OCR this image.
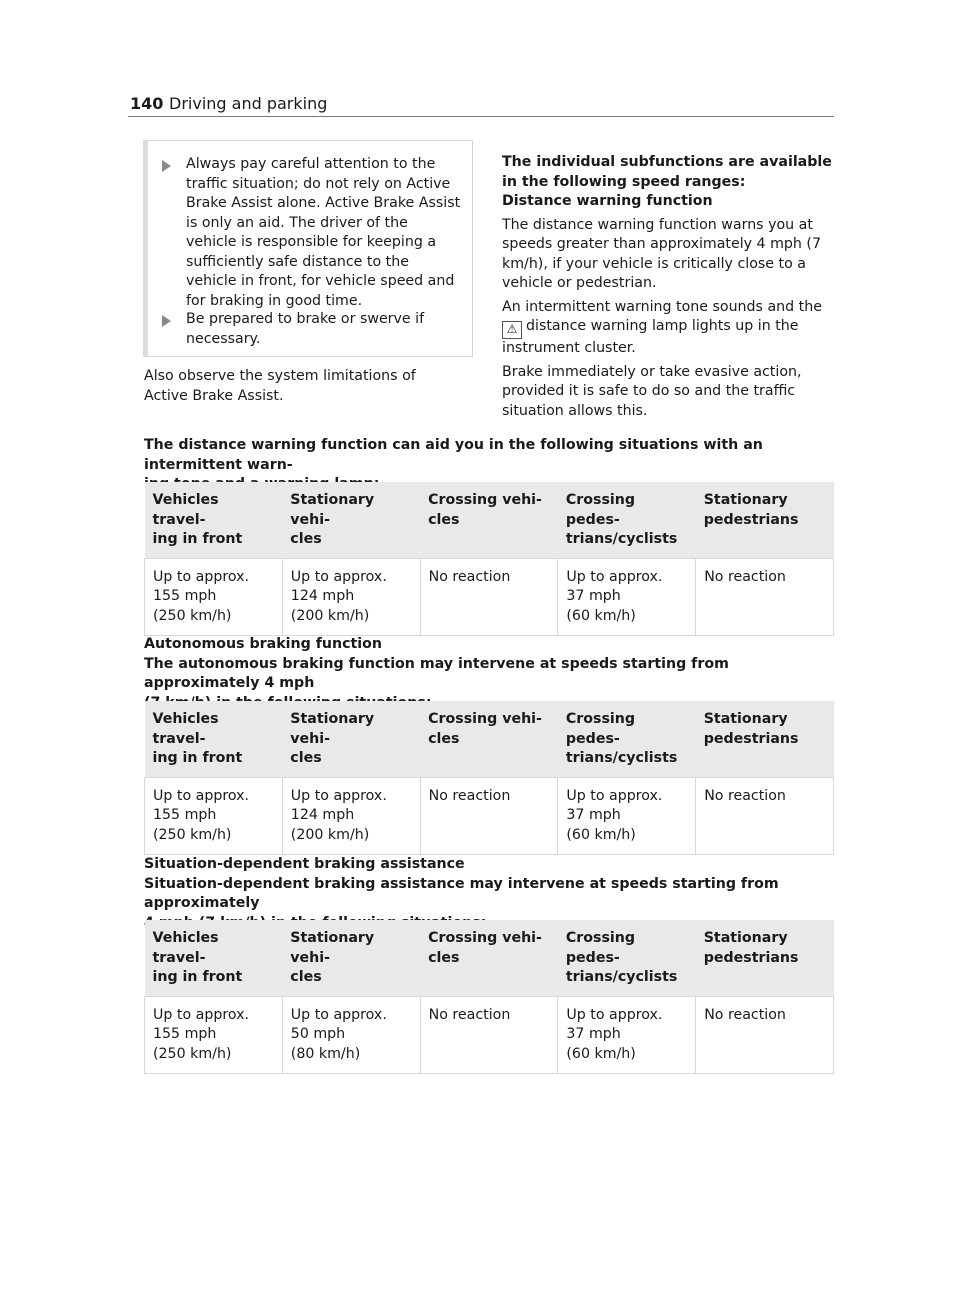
140 Driving and parking
Always pay careful attention to the traffic situation; do not rely on Active Brake Assist alone. Active Brake Assist is only an aid. The driver of the vehicle is responsible for keeping a sufficiently safe distance to the vehicle in front, for vehicle speed and for braking in good time.
Be prepared to brake or swerve if necessary.
Also observe the system limitations of Active Brake Assist.

The individual subfunctions are available in the following speed ranges:

Distance warning function

The distance warning function warns you at speeds greater than approximately 4 mph (7 km/h), if your vehicle is critically close to a vehicle or pedestrian.

An intermittent warning tone sounds and the
⚠ distance warning lamp lights up in the instrument cluster.

Brake immediately or take evasive action, provided it is safe to do so and the traffic situation allows this.

The distance warning function can aid you in the following situations with an intermittent warn-
Vehicles travel-
ing in front	Stationary vehi-
cles	Crossing vehi-
cles	Crossing pedes-
trians/cyclists	Stationary
pedestrians
Up to approx.
155 mph
(250 km/h)	Up to approx.
124 mph
(200 km/h)	No reaction	Up to approx.
37 mph
(60 km/h)	No reaction
Autonomous braking function
The autonomous braking function may intervene at speeds starting from approximately 4 mph
Vehicles travel-
ing in front	Stationary vehi-
cles	Crossing vehi-
cles	Crossing pedes-
trians/cyclists	Stationary
pedestrians
Up to approx.
155 mph
(250 km/h)	Up to approx.
124 mph
(200 km/h)	No reaction	Up to approx.
37 mph
(60 km/h)	No reaction
Situation-dependent braking assistance
Situation-dependent braking assistance may intervene at speeds starting from approximately
Vehicles travel-
ing in front	Stationary vehi-
cles	Crossing vehi-
cles	Crossing pedes-
trians/cyclists	Stationary
pedestrians
Up to approx.
155 mph
(250 km/h)	Up to approx.
50 mph
(80 km/h)	No reaction	Up to approx.
37 mph
(60 km/h)	No reaction
